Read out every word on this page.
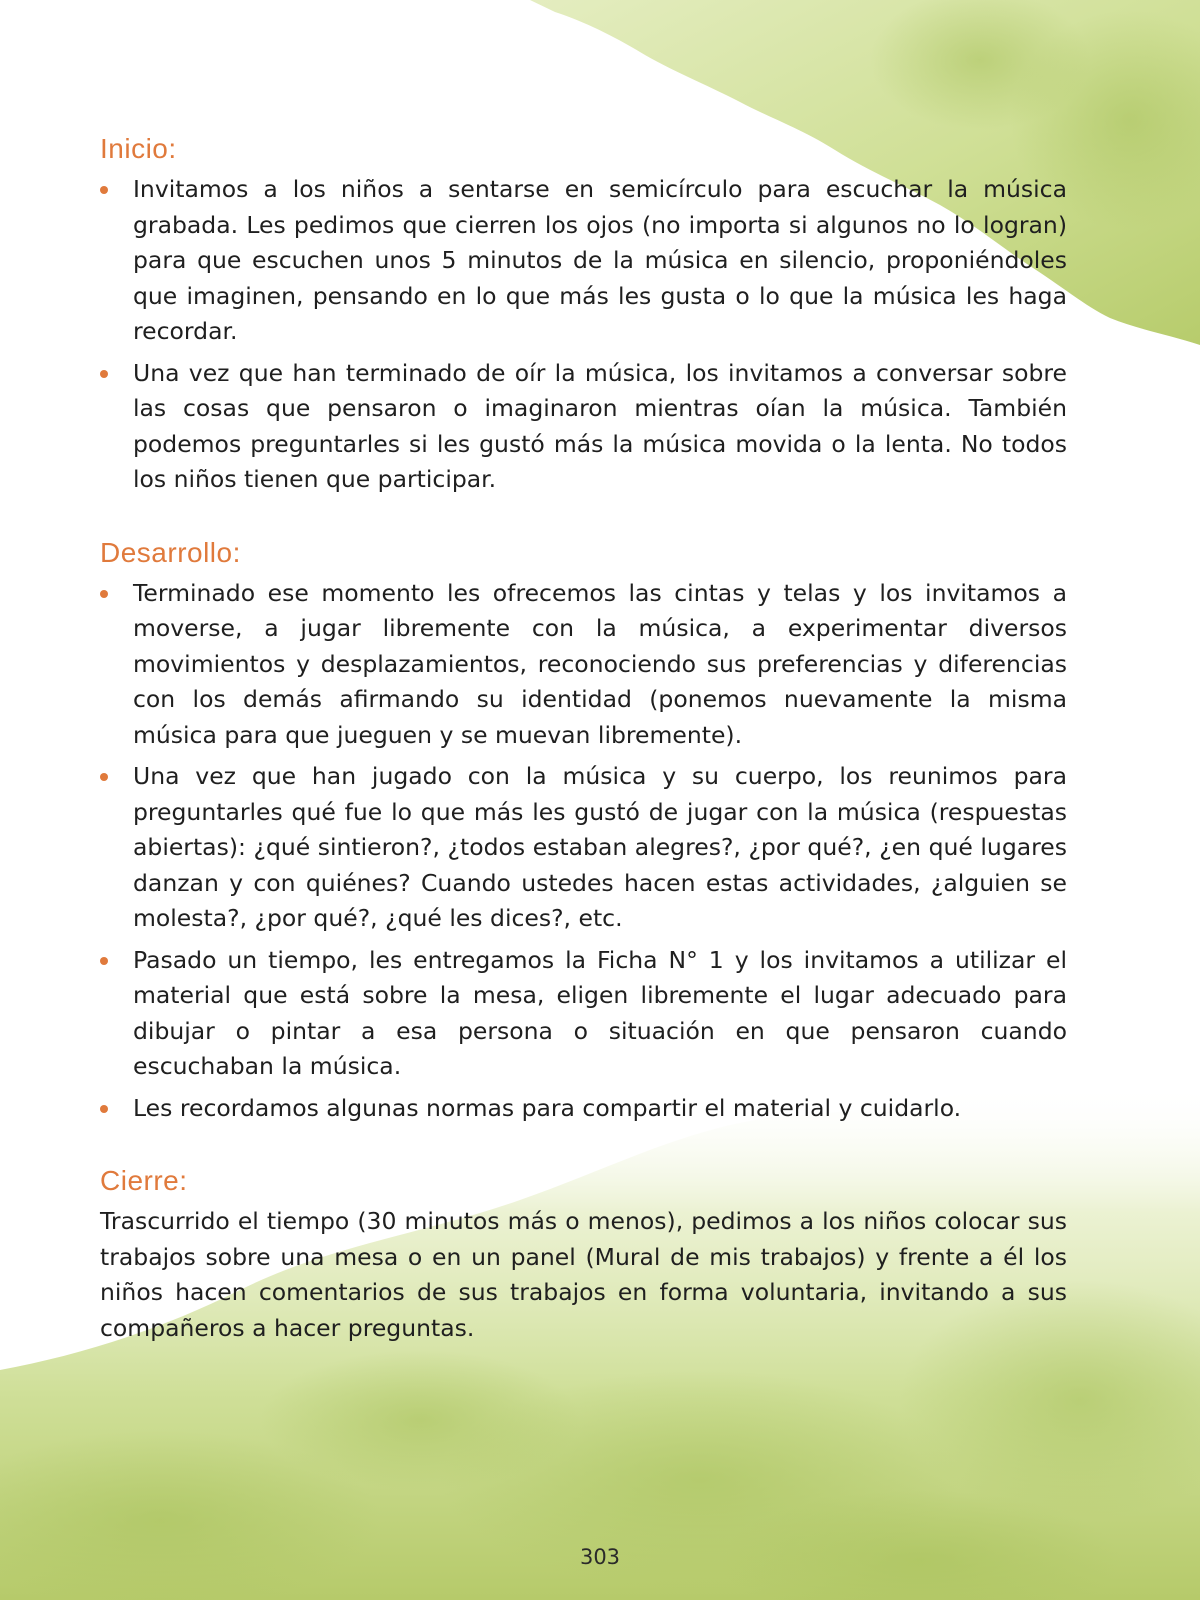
Inicio:

Invitamos a los niños a sentarse en semicírculo para escuchar la música grabada. Les pedimos que cierren los ojos (no importa si algunos no lo logran) para que escuchen unos 5 minutos de la música en silencio, proponiéndoles que imaginen, pensando en lo que más les gusta o lo que la música les haga recordar.

Una vez que han terminado de oír la música, los invitamos a conversar sobre las cosas que pensaron o imaginaron mientras oían la música. También podemos preguntarles si les gustó más la música movida o la lenta. No todos los niños tienen que participar.

Desarrollo:

Terminado ese momento les ofrecemos las cintas y telas y los invitamos a moverse, a jugar libremente con la música, a experimentar diversos movimientos y desplazamientos, reconociendo sus preferencias y diferencias con los demás afirmando su identidad (ponemos nuevamente la misma música para que jueguen y se muevan libremente).

Una vez que han jugado con la música y su cuerpo, los reunimos para preguntarles qué fue lo que más les gustó de jugar con la música (respuestas abiertas): ¿qué sintieron?, ¿todos estaban alegres?, ¿por qué?, ¿en qué lugares danzan y con quiénes? Cuando ustedes hacen estas actividades, ¿alguien se molesta?, ¿por qué?, ¿qué les dices?, etc.

Pasado un tiempo, les entregamos la Ficha N° 1 y los invitamos a utilizar el material que está sobre la mesa, eligen libremente el lugar adecuado para dibujar o pintar a esa persona o situación en que pensaron cuando escuchaban la música.

Les recordamos algunas normas para compartir el material y cuidarlo.

Cierre:

Trascurrido el tiempo (30 minutos más o menos), pedimos a los niños colocar sus trabajos sobre una mesa o en un panel (Mural de mis trabajos) y frente a él los niños hacen comentarios de sus trabajos en forma voluntaria, invitando a sus compañeros a hacer preguntas.

303
